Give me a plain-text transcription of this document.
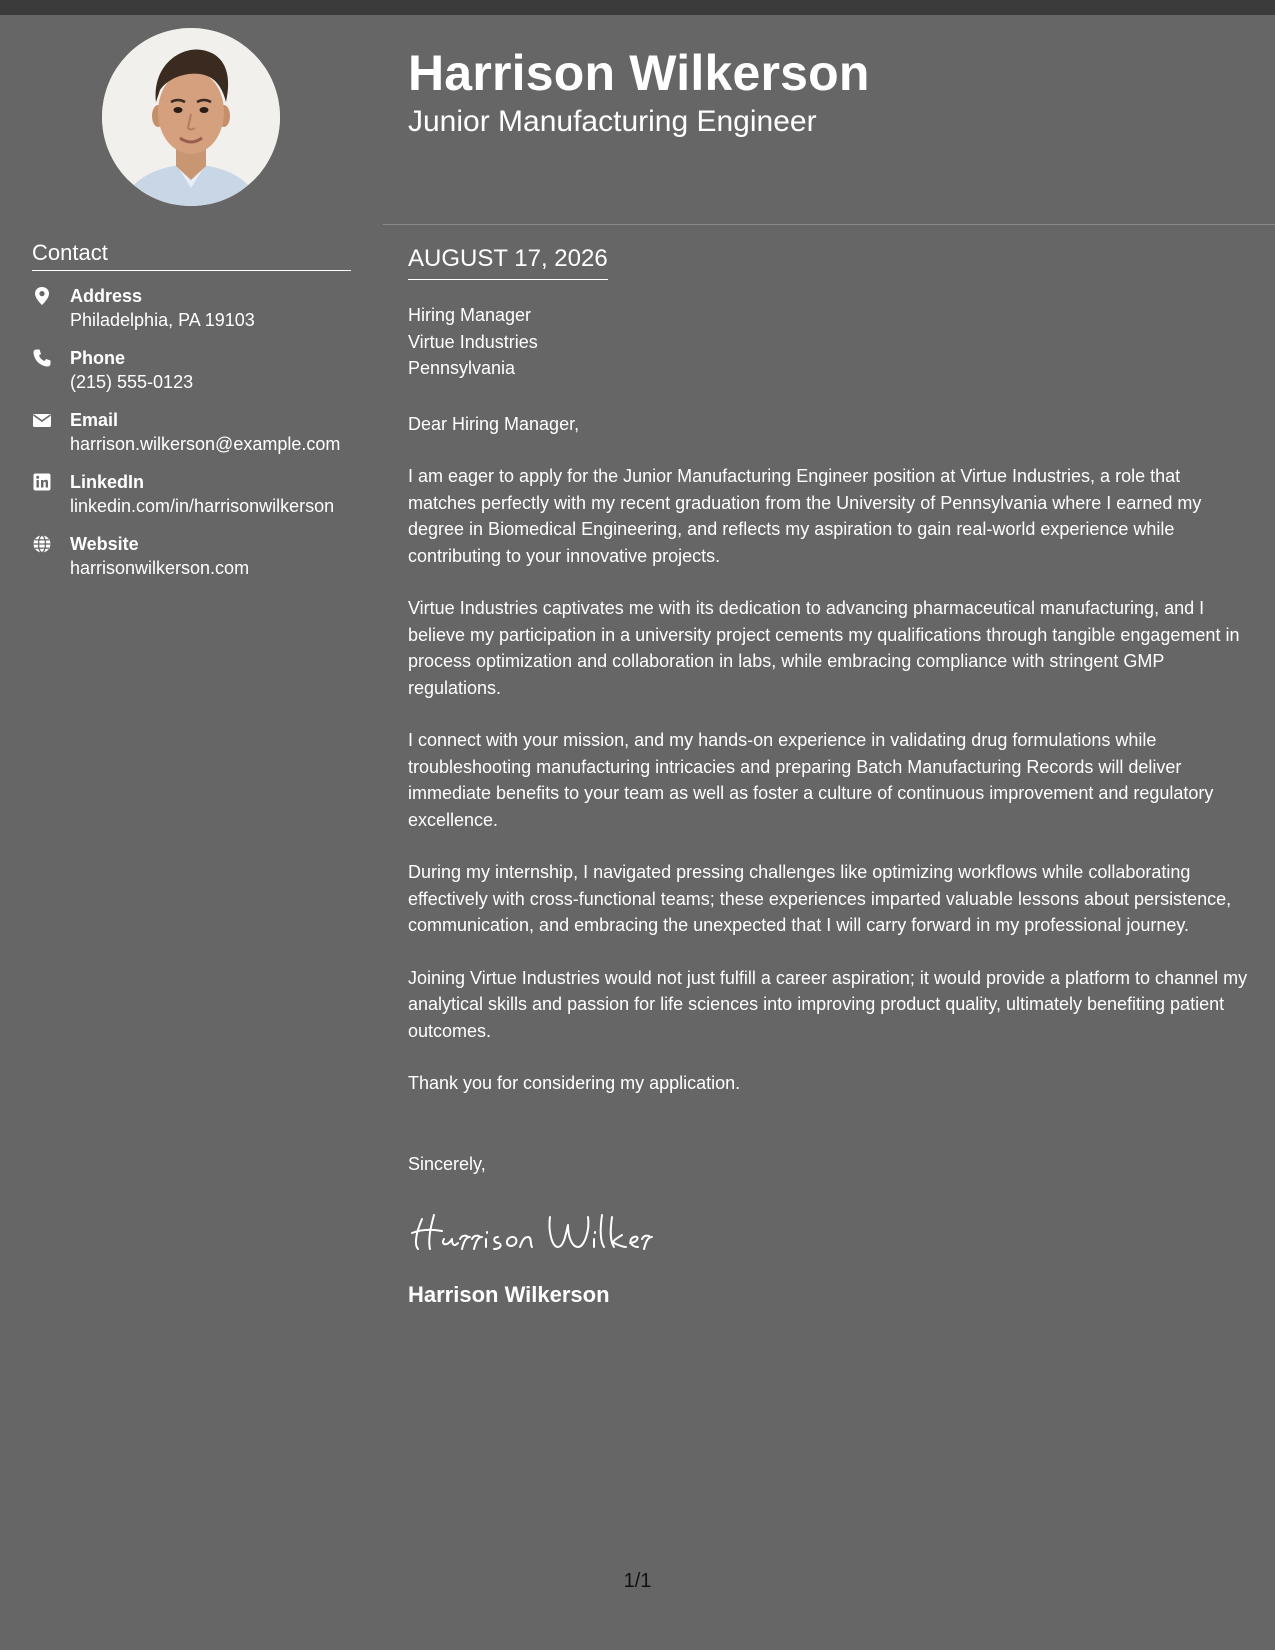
Contact
Address
Philadelphia, PA 19103
Phone
(215) 555-0123
Email
harrison.wilkerson@example.com
LinkedIn
linkedin.com/in/harrisonwilkerson
Website
harrisonwilkerson.com
Harrison Wilkerson
Junior Manufacturing Engineer
AUGUST 17, 2026

Hiring Manager

Virtue Industries

Pennsylvania

Dear Hiring Manager,

I am eager to apply for the Junior Manufacturing Engineer position at Virtue Industries, a role that matches perfectly with my recent graduation from the University of Pennsylvania where I earned my degree in Biomedical Engineering, and reflects my aspiration to gain real-world experience while contributing to your innovative projects.

Virtue Industries captivates me with its dedication to advancing pharmaceutical manufacturing, and I believe my participation in a university project cements my qualifications through tangible engagement in process optimization and collaboration in labs, while embracing compliance with stringent GMP regulations.

I connect with your mission, and my hands-on experience in validating drug formulations while troubleshooting manufacturing intricacies and preparing Batch Manufacturing Records will deliver immediate benefits to your team as well as foster a culture of continuous improvement and regulatory excellence.

During my internship, I navigated pressing challenges like optimizing workflows while collaborating effectively with cross-functional teams; these experiences imparted valuable lessons about persistence, communication, and embracing the unexpected that I will carry forward in my professional journey.

Joining Virtue Industries would not just fulfill a career aspiration; it would provide a platform to channel my analytical skills and passion for life sciences into improving product quality, ultimately benefiting patient outcomes.

Thank you for considering my application.

Sincerely,

Harrison Wilkerson
1/1
